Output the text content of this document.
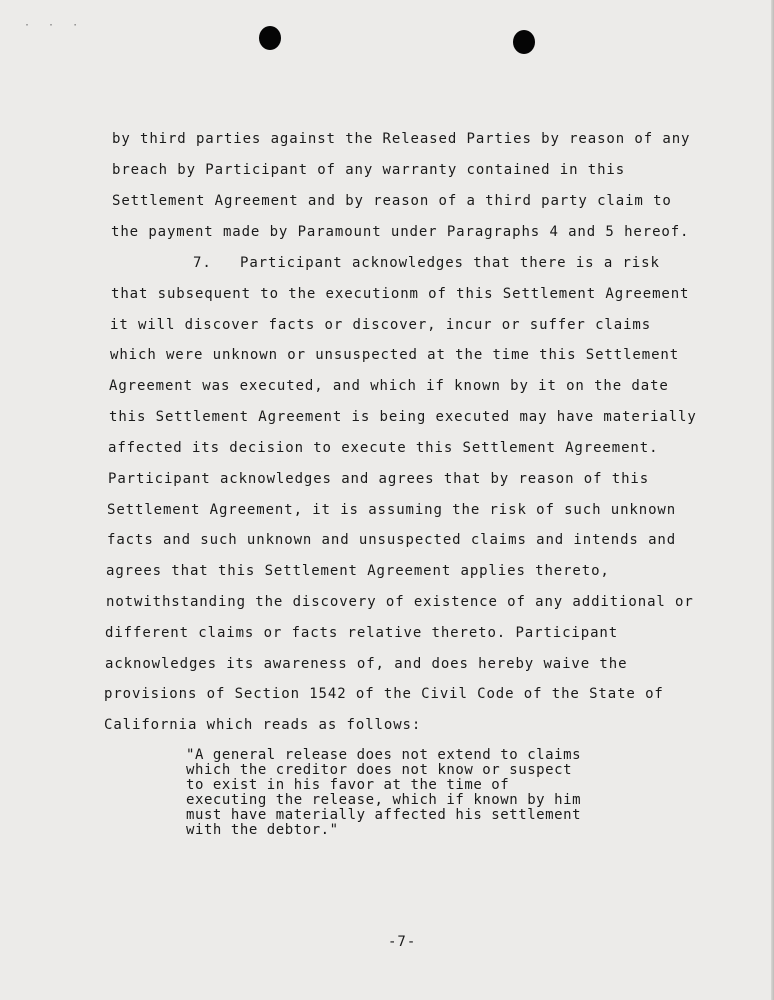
· · ·
by third parties against the Released Parties by reason of any
breach by Participant of any warranty contained in this
Settlement Agreement and by reason of a third party claim to
the payment made by Paramount under Paragraphs 4 and 5 hereof.
7. Participant acknowledges that there is a risk
that subsequent to the executionm of this Settlement Agreement
it will discover facts or discover, incur or suffer claims
which were unknown or unsuspected at the time this Settlement
Agreement was executed, and which if known by it on the date
this Settlement Agreement is being executed may have materially
affected its decision to execute this Settlement Agreement.
Participant acknowledges and agrees that by reason of this
Settlement Agreement, it is assuming the risk of such unknown
facts and such unknown and unsuspected claims and intends and
agrees that this Settlement Agreement applies thereto,
notwithstanding the discovery of existence of any additional or
different claims or facts relative thereto. Participant
acknowledges its awareness of, and does hereby waive the
provisions of Section 1542 of the Civil Code of the State of
California which reads as follows:
"A general release does not extend to claims
which the creditor does not know or suspect
to exist in his favor at the time of
executing the release, which if known by him
must have materially affected his settlement
with the debtor."
-7-
